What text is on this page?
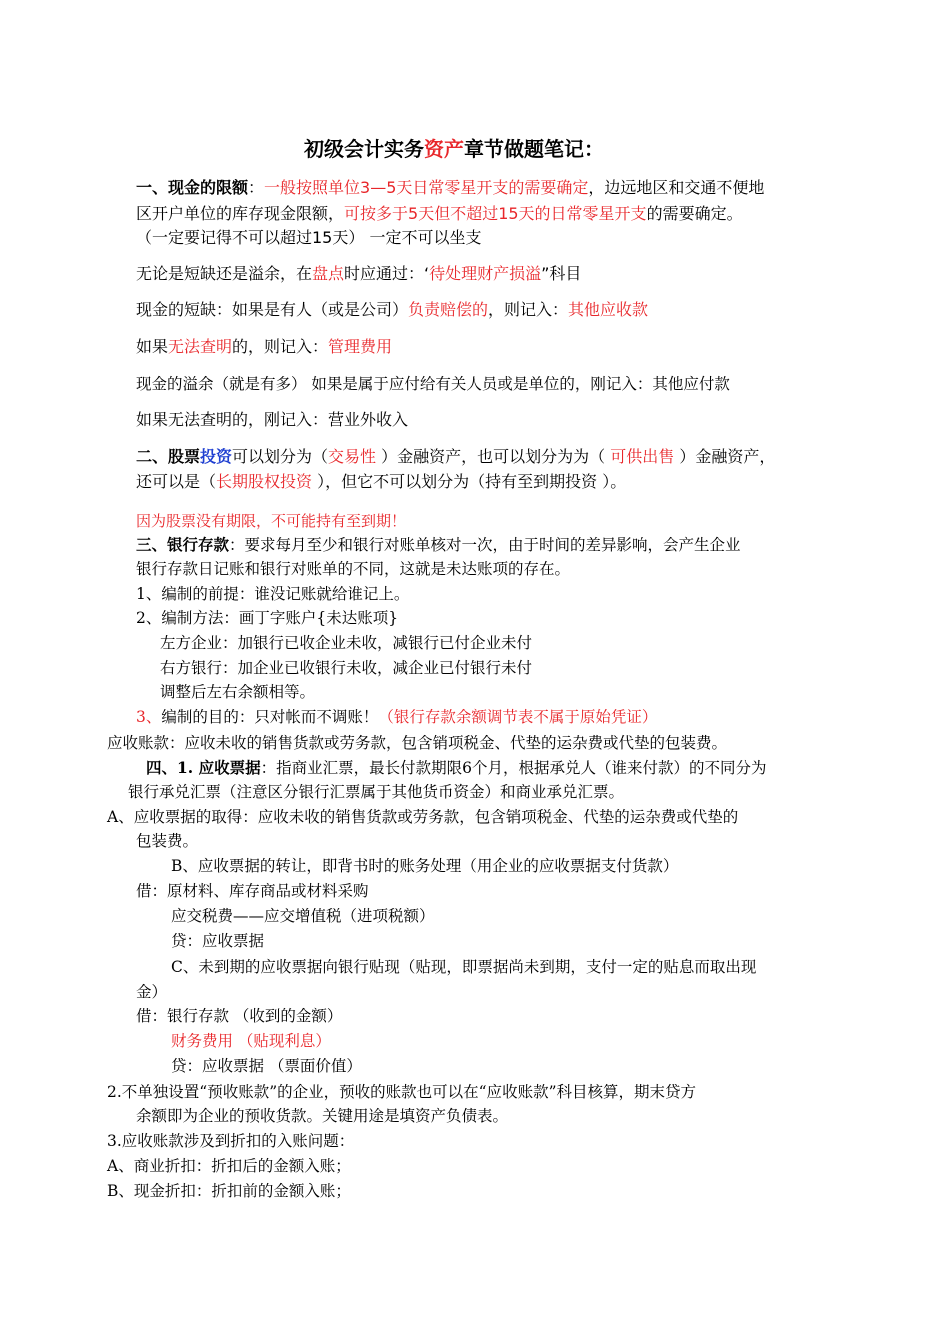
初级会计实务资产章节做题笔记：
一、现金的限额：一般按照单位3—5天日常零星开支的需要确定，边远地区和交通不便地
区开户单位的库存现金限额，可按多于5天但不超过15天的日常零星开支的需要确定。
（一定要记得不可以超过15天） 一定不可以坐支
无论是短缺还是溢余，在盘点时应通过：‘待处理财产损溢”科目
现金的短缺：如果是有人（或是公司）负责赔偿的，则记入：其他应收款
如果无法查明的，则记入：管理费用
现金的溢余（就是有多） 如果是属于应付给有关人员或是单位的，刚记入：其他应付款
如果无法查明的，刚记入：营业外收入
二、股票投资可以划分为（交易性 ）金融资产，也可以划分为为（ 可供出售 ）金融资产，
还可以是（长期股权投资 ），但它不可以划分为（持有至到期投资 ）。
因为股票没有期限，不可能持有至到期！
三、银行存款：要求每月至少和银行对账单核对一次，由于时间的差异影响，会产生企业
银行存款日记账和银行对账单的不同，这就是未达账项的存在。
1、编制的前提：谁没记账就给谁记上。
2、编制方法：画丁字账户{未达账项}
左方企业：加银行已收企业未收，减银行已付企业未付
右方银行：加企业已收银行未收，减企业已付银行未付
调整后左右余额相等。
3、编制的目的：只对帐而不调账！（银行存款余额调节表不属于原始凭证）
应收账款：应收未收的销售货款或劳务款，包含销项税金、代垫的运杂费或代垫的包装费。
四、1. 应收票据：指商业汇票，最长付款期限6个月，根据承兑人（谁来付款）的不同分为
银行承兑汇票（注意区分银行汇票属于其他货币资金）和商业承兑汇票。
A、应收票据的取得：应收未收的销售货款或劳务款，包含销项税金、代垫的运杂费或代垫的
包装费。
B、应收票据的转让，即背书时的账务处理（用企业的应收票据支付货款）
借：原材料、库存商品或材料采购
应交税费——应交增值税（进项税额）
贷：应收票据
C、未到期的应收票据向银行贴现（贴现，即票据尚未到期，支付一定的贴息而取出现
金）
借：银行存款 （收到的金额）
财务费用 （贴现利息）
贷：应收票据 （票面价值）
2.不单独设置“预收账款”的企业，预收的账款也可以在“应收账款”科目核算，期末贷方
余额即为企业的预收货款。关键用途是填资产负债表。
3.应收账款涉及到折扣的入账问题：
A、商业折扣：折扣后的金额入账；
B、现金折扣：折扣前的金额入账；
